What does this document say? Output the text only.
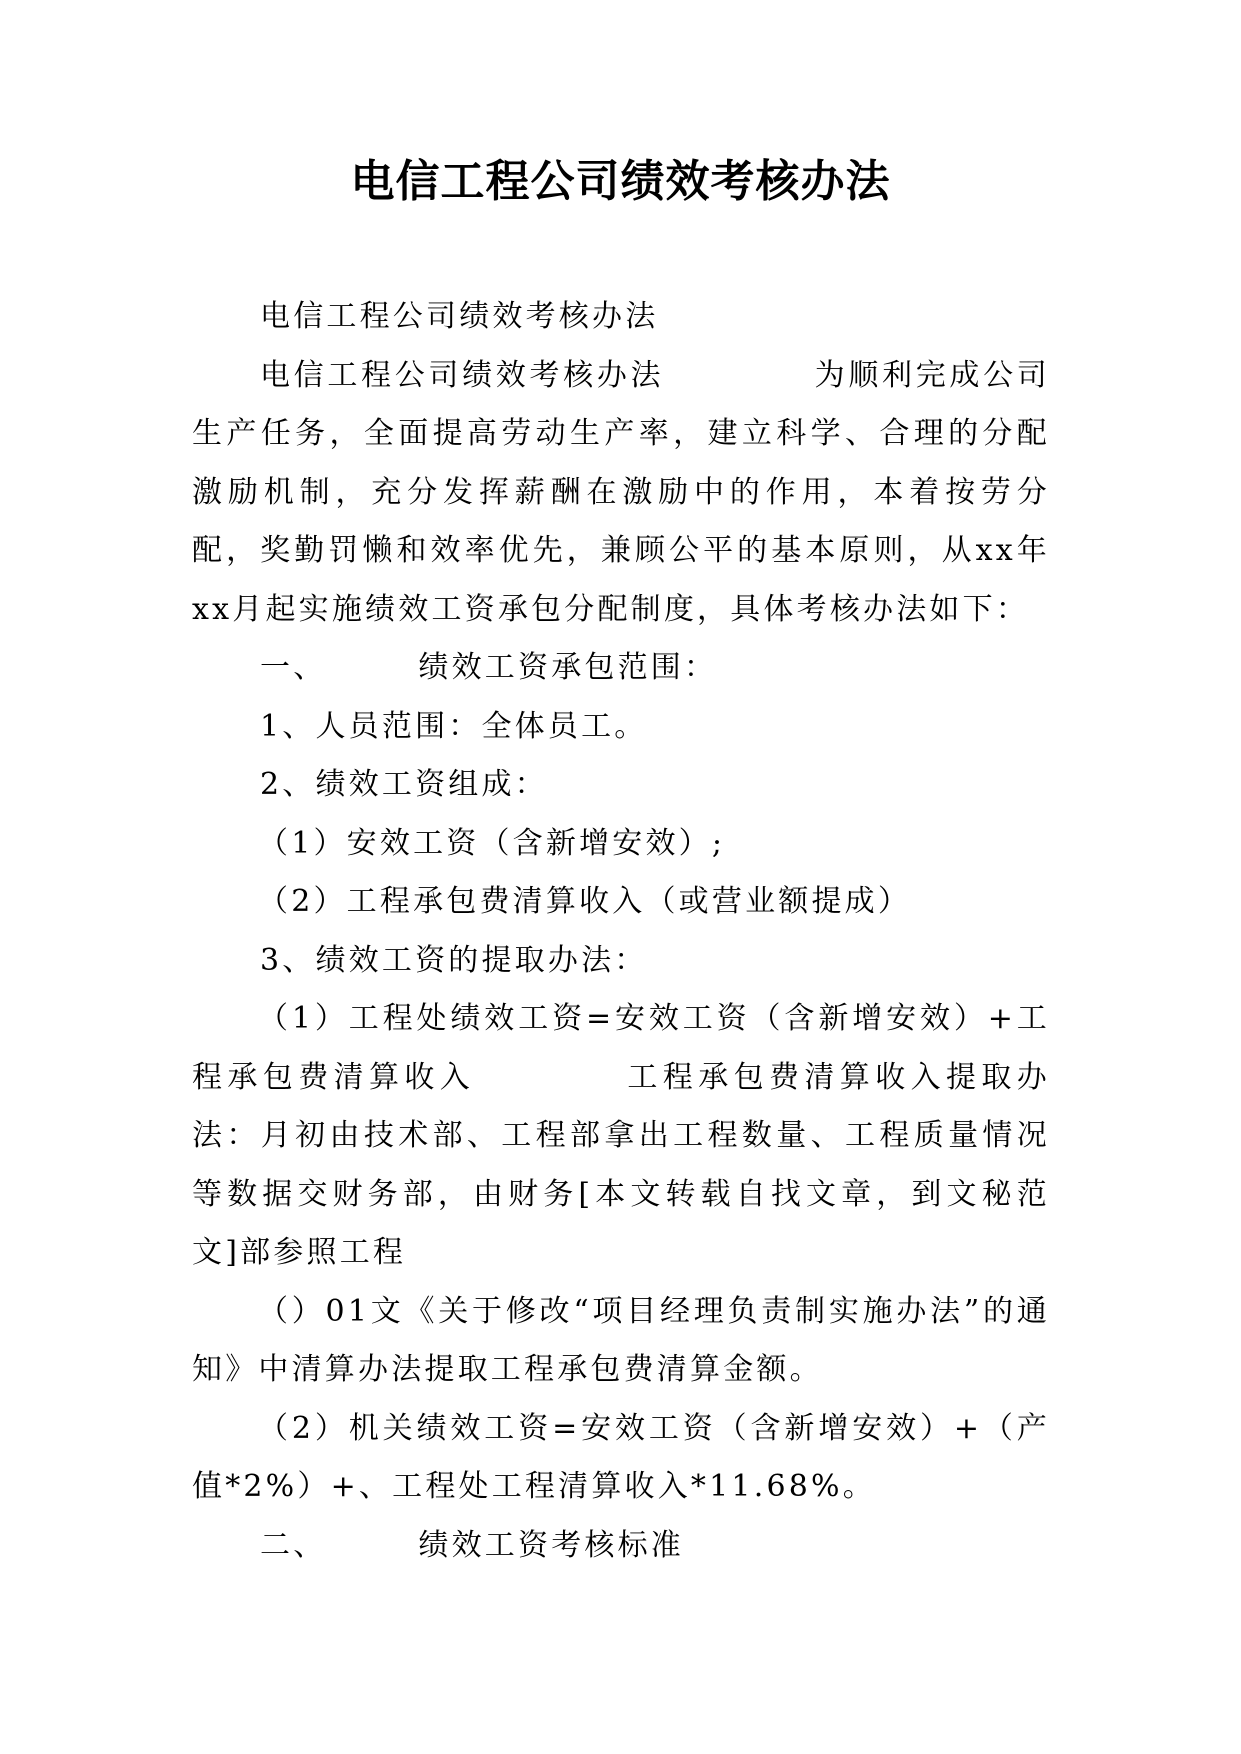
电信工程公司绩效考核办法

电信工程公司绩效考核办法

电信工程公司绩效考核办法	为顺利完成公司生产任务，全面提高劳动生产率，建立科学、合理的分配激励机制，充分发挥薪酬在激励中的作用，本着按劳分配，奖勤罚懒和效率优先，兼顾公平的基本原则，从xx年xx月起实施绩效工资承包分配制度，具体考核办法如下：

一、	绩效工资承包范围：

1、人员范围：全体员工。

2、绩效工资组成：

（1）安效工资（含新增安效）;

（2）工程承包费清算收入（或营业额提成）

3、绩效工资的提取办法：

（1）工程处绩效工资=安效工资（含新增安效）+工程承包费清算收入	工程承包费清算收入提取办法：月初由技术部、工程部拿出工程数量、工程质量情况等数据交财务部，由财务[本文转载自找文章，到文秘范文]部参照工程

（）01文《关于修改“项目经理负责制实施办法”的通知》中清算办法提取工程承包费清算金额。

（2）机关绩效工资=安效工资（含新增安效）+（产值*2%）+、工程处工程清算收入*11.68%。

二、	绩效工资考核标准
